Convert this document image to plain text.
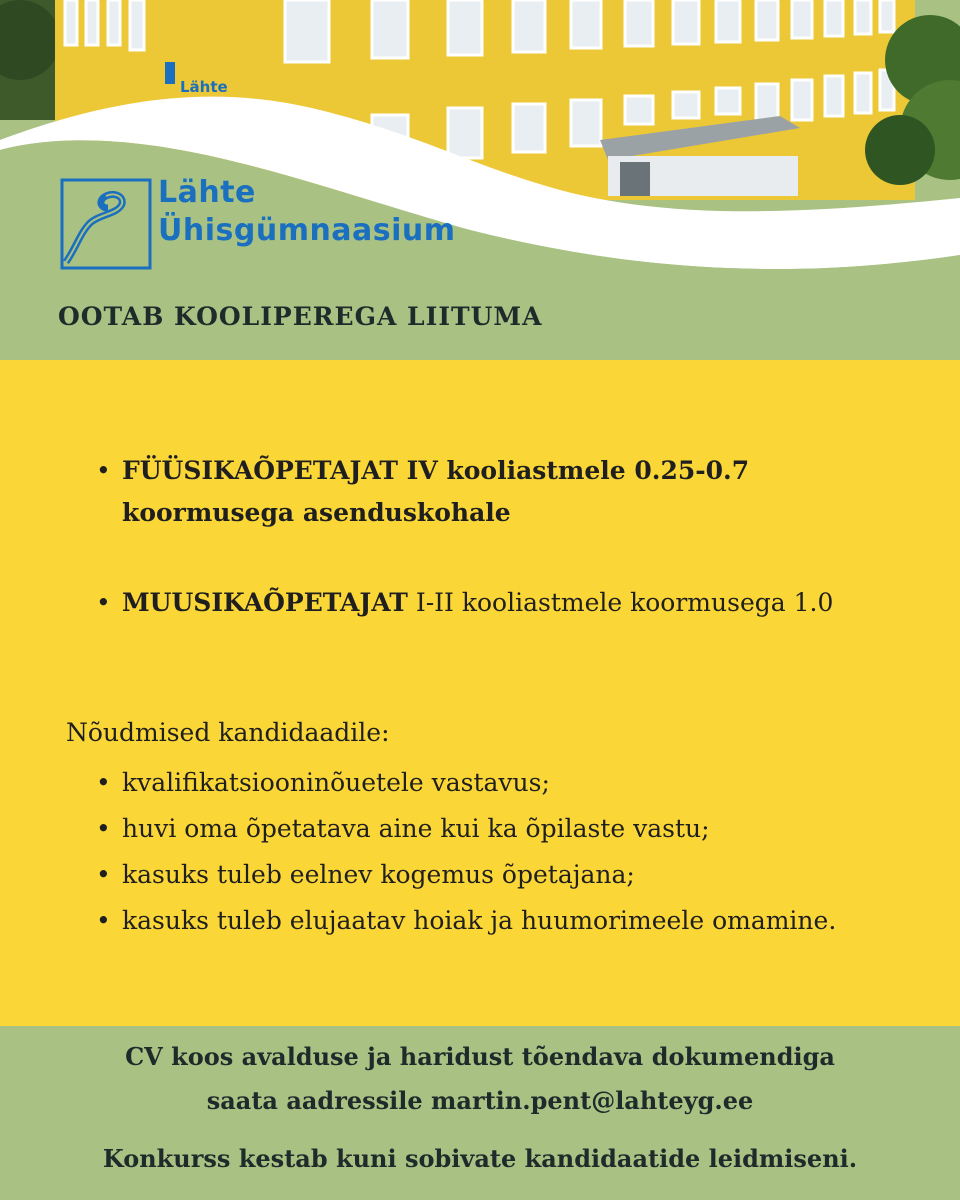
Lähte
Lähte
Ühisgümnaasium
OOTAB KOOLIPEREGA LIITUMA
• FÜÜSIKAÕPETAJAT IV kooliastmele 0.25-0.7 koormusega asenduskohale
• MUUSIKAÕPETAJAT I-II kooliastmele koormusega 1.0
Nõudmised kandidaadile:
• kvalifikatsiooninõuetele vastavus;
• huvi oma õpetatava aine kui ka õpilaste vastu;
• kasuks tuleb eelnev kogemus õpetajana;
• kasuks tuleb elujaatav hoiak ja huumorimeele omamine.
CV koos avalduse ja haridust tõendava dokumendiga
saata aadressile martin.pent@lahteyg.ee
Konkurss kestab kuni sobivate kandidaatide leidmiseni.
